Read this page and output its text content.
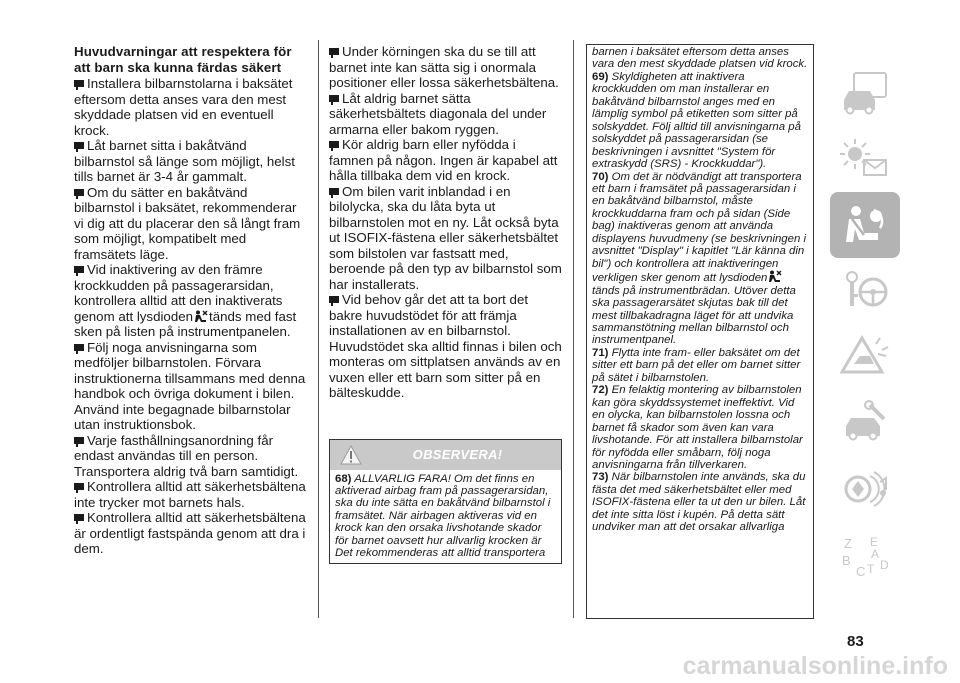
Huvudvarningar att respektera för att barn ska kunna färdas säkert

Installera bilbarnstolarna i baksätet eftersom detta anses vara den mest skyddade platsen vid en eventuell krock.

Låt barnet sitta i bakåtvänd bilbarnstol så länge som möjligt, helst tills barnet är 3-4 år gammalt.

Om du sätter en bakåtvänd bilbarnstol i baksätet, rekommenderar vi dig att du placerar den så långt fram som möjligt, kompatibelt med framsätets läge.

Vid inaktivering av den främre krockkudden på passagerarsidan, kontrollera alltid att den inaktiverats genom att lysdioden tänds med fast sken på listen på instrumentpanelen.

Följ noga anvisningarna som medföljer bilbarnstolen. Förvara instruktionerna tillsammans med denna handbok och övriga dokument i bilen. Använd inte begagnade bilbarnstolar utan instruktionsbok.

Varje fasthållningsanordning får endast användas till en person. Transportera aldrig två barn samtidigt.

Kontrollera alltid att säkerhetsbältena inte trycker mot barnets hals.

Kontrollera alltid att säkerhetsbältena är ordentligt fastspända genom att dra i dem.

Under körningen ska du se till att barnet inte kan sätta sig i onormala positioner eller lossa säkerhetsbältena.

Låt aldrig barnet sätta säkerhetsbältets diagonala del under armarna eller bakom ryggen.

Kör aldrig barn eller nyfödda i famnen på någon. Ingen är kapabel att hålla tillbaka dem vid en krock.

Om bilen varit inblandad i en bilolycka, ska du låta byta ut bilbarnstolen mot en ny. Låt också byta ut ISOFIX-fästena eller säkerhetsbältet som bilstolen var fastsatt med, beroende på den typ av bilbarnstol som har installerats.

Vid behov går det att ta bort det bakre huvudstödet för att främja installationen av en bilbarnstol. Huvudstödet ska alltid finnas i bilen och monteras om sittplatsen används av en vuxen eller ett barn som sitter på en bälteskudde.

OBSERVERA!
68) ALLVARLIG FARA! Om det finns en aktiverad airbag fram på passagerarsidan, ska du inte sätta en bakåtvänd bilbarnstol i framsätet. När airbagen aktiveras vid en krock kan den orsaka livshotande skador för barnet oavsett hur allvarlig krocken är Det rekommenderas att alltid transportera
barnen i baksätet eftersom detta anses vara den mest skyddade platsen vid krock.
69) Skyldigheten att inaktivera krockkudden om man installerar en bakåtvänd bilbarnstol anges med en lämplig symbol på etiketten som sitter på solskyddet. Följ alltid till anvisningarna på solskyddet på passagerarsidan (se beskrivningen i avsnittet "System för extraskydd (SRS) - Krockkuddar").
70) Om det är nödvändigt att transportera ett barn i framsätet på passagerarsidan i en bakåtvänd bilbarnstol, måste krockkuddarna fram och på sidan (Side bag) inaktiveras genom att använda displayens huvudmeny (se beskrivningen i avsnittet "Display" i kapitlet "Lär känna din bil") och kontrollera att inaktiveringen verkligen sker genom att lysdioden tänds på instrumentbrädan. Utöver detta ska passagerarsätet skjutas bak till det mest tillbakadragna läget för att undvika sammanstötning mellan bilbarnstol och instrumentpanel.
71) Flytta inte fram- eller baksätet om det sitter ett barn på det eller om barnet sitter på sätet i bilbarnstolen.
72) En felaktig montering av bilbarnstolen kan göra skyddssystemet ineffektivt. Vid en olycka, kan bilbarnstolen lossna och barnet få skador som även kan vara livshotande. För att installera bilbarnstolar för nyfödda eller småbarn, följ noga anvisningarna från tillverkaren.
73) När bilbarnstolen inte används, ska du fästa det med säkerhetsbältet eller med ISOFIX-fästena eller ta ut den ur bilen. Låt det inte sitta löst i kupén. På detta sätt undviker man att det orsakar allvarliga
Z E
B
C T
A
D
83
carmanualsonline.info
